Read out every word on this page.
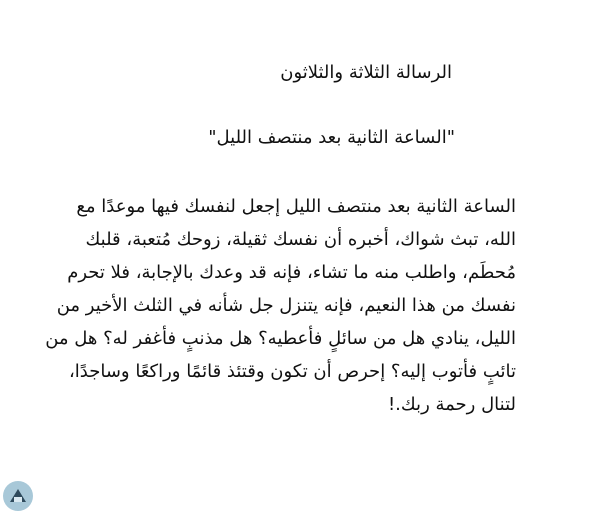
الرسالة الثلاثة والثلاثون
"الساعة الثانية بعد منتصف الليل"
الساعة الثانية بعد منتصف الليل إجعل لنفسك فيها موعدًا مع
الله، تبث شواك، أخبره أن نفسك ثقيلة، زوحك مُتعبة، قلبك
مُحطَم، واطلب منه ما تشاء، فإنه قد وعدك بالإجابة، فلا تحرم
نفسك من هذا النعيم، فإنه يتنزل جل شأنه في الثلث الأخير من
الليل، ينادي هل من سائلٍ فأعطيه؟ هل مذنبٍ فأغفر له؟ هل من
تائبٍ فأتوب إليه؟ إحرص أن تكون وقتئذ قائمًا وراكعًا وساجدًا،
لتنال رحمة ربك.!
